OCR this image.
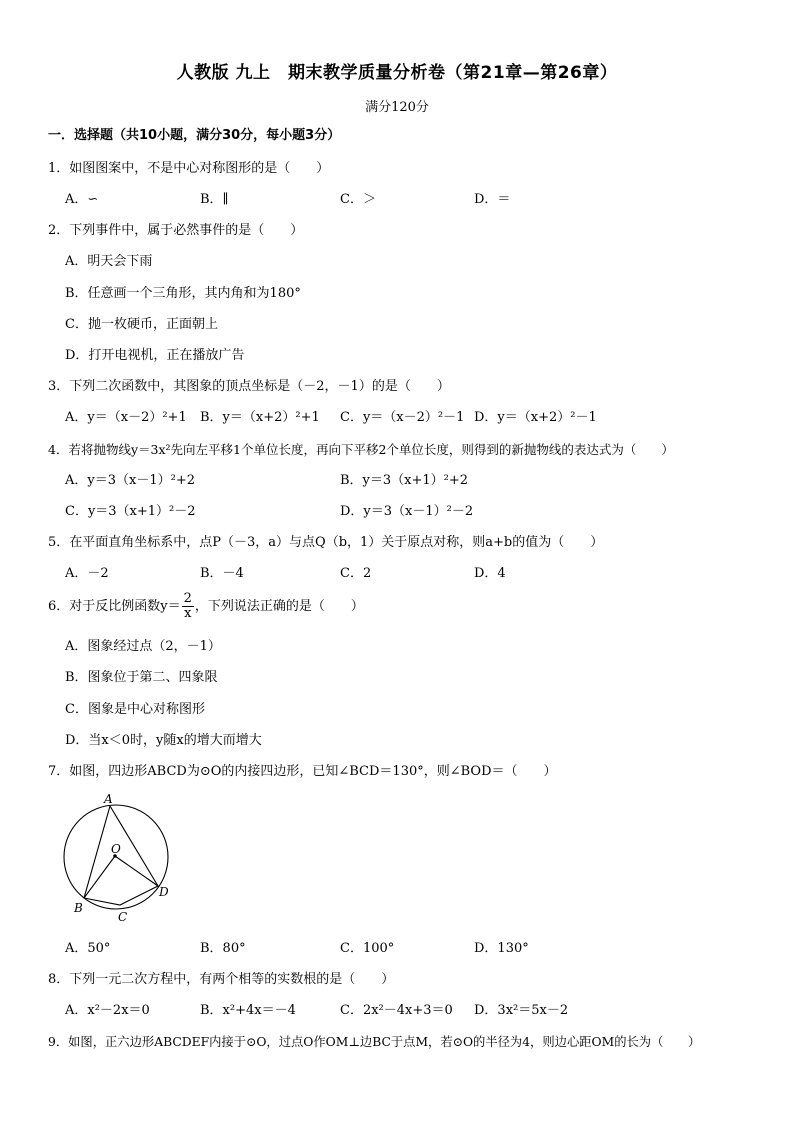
人教版 九上　期末教学质量分析卷（第21章—第26章）
满分120分
一．选择题（共10小题，满分30分，每小题3分）
1．如图图案中，不是中心对称图形的是（　　）
A．∽	B．∥	C．＞	D．＝
2．下列事件中，属于必然事件的是（　　）
A．明天会下雨
B．任意画一个三角形，其内角和为180°
C．抛一枚硬币，正面朝上
D．打开电视机，正在播放广告
3．下列二次函数中，其图象的顶点坐标是（－2，－1）的是（　　）
A．y＝（x－2）²+1 B．y＝（x+2）²+1 C．y＝（x－2）²－1 D．y＝（x+2）²－1
4．若将抛物线y＝3x²先向左平移1个单位长度，再向下平移2个单位长度，则得到的新抛物线的表达式为（　　）
A．y＝3（x－1）²+2	B．y＝3（x+1）²+2
C．y＝3（x+1）²－2	D．y＝3（x－1）²－2
5．在平面直角坐标系中，点P（－3，a）与点Q（b，1）关于原点对称，则a+b的值为（　　）
A．－2	B．－4	C．2	D．4
6．对于反比例函数$y= \frac{2}{x}$ ，下列说法正确的是（　　）
A．图象经过点（2，－1）
B．图象位于第二、四象限
C．图象是中心对称图形
D．当x＜0时，y随x的增大而增大
7．如图，四边形ABCD为⊙O的内接四边形，已知∠BCD＝130°，则∠BOD＝（　　）
A
O
B
C
D
A．50°	B．80°	C．100°	D．130°
8．下列一元二次方程中，有两个相等的实数根的是（　　）
A．x²－2x＝0	B．x²+4x＝－4	C．2x²－4x+3＝0 D．3x²＝5x－2
9．如图，正六边形ABCDEF内接于⊙O，过点O作OM⊥边BC于点M，若⊙O的半径为4，则边心距OM的长为（　　）
